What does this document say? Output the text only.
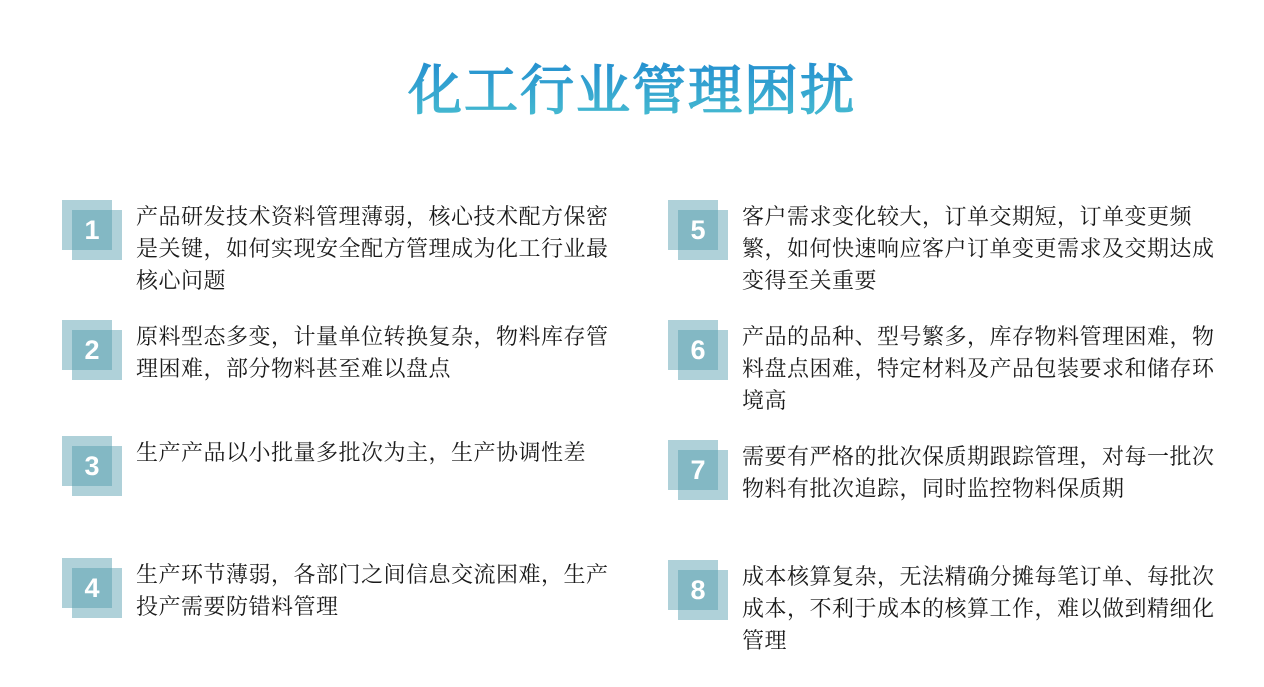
化工行业管理困扰
1	产品研发技术资料管理薄弱，核心技术配方保密是关键，如何实现安全配方管理成为化工行业最核心问题

2	原料型态多变，计量单位转换复杂，物料库存管理困难，部分物料甚至难以盘点

3	生产产品以小批量多批次为主，生产协调性差

4	生产环节薄弱，各部门之间信息交流困难，生产投产需要防错料管理

5	客户需求变化较大，订单交期短，订单变更频繁，如何快速响应客户订单变更需求及交期达成变得至关重要

6	产品的品种、型号繁多，库存物料管理困难，物料盘点困难，特定材料及产品包装要求和储存环境高

7	需要有严格的批次保质期跟踪管理，对每一批次物料有批次追踪，同时监控物料保质期

8	成本核算复杂，无法精确分摊每笔订单、每批次成本，不利于成本的核算工作，难以做到精细化管理
